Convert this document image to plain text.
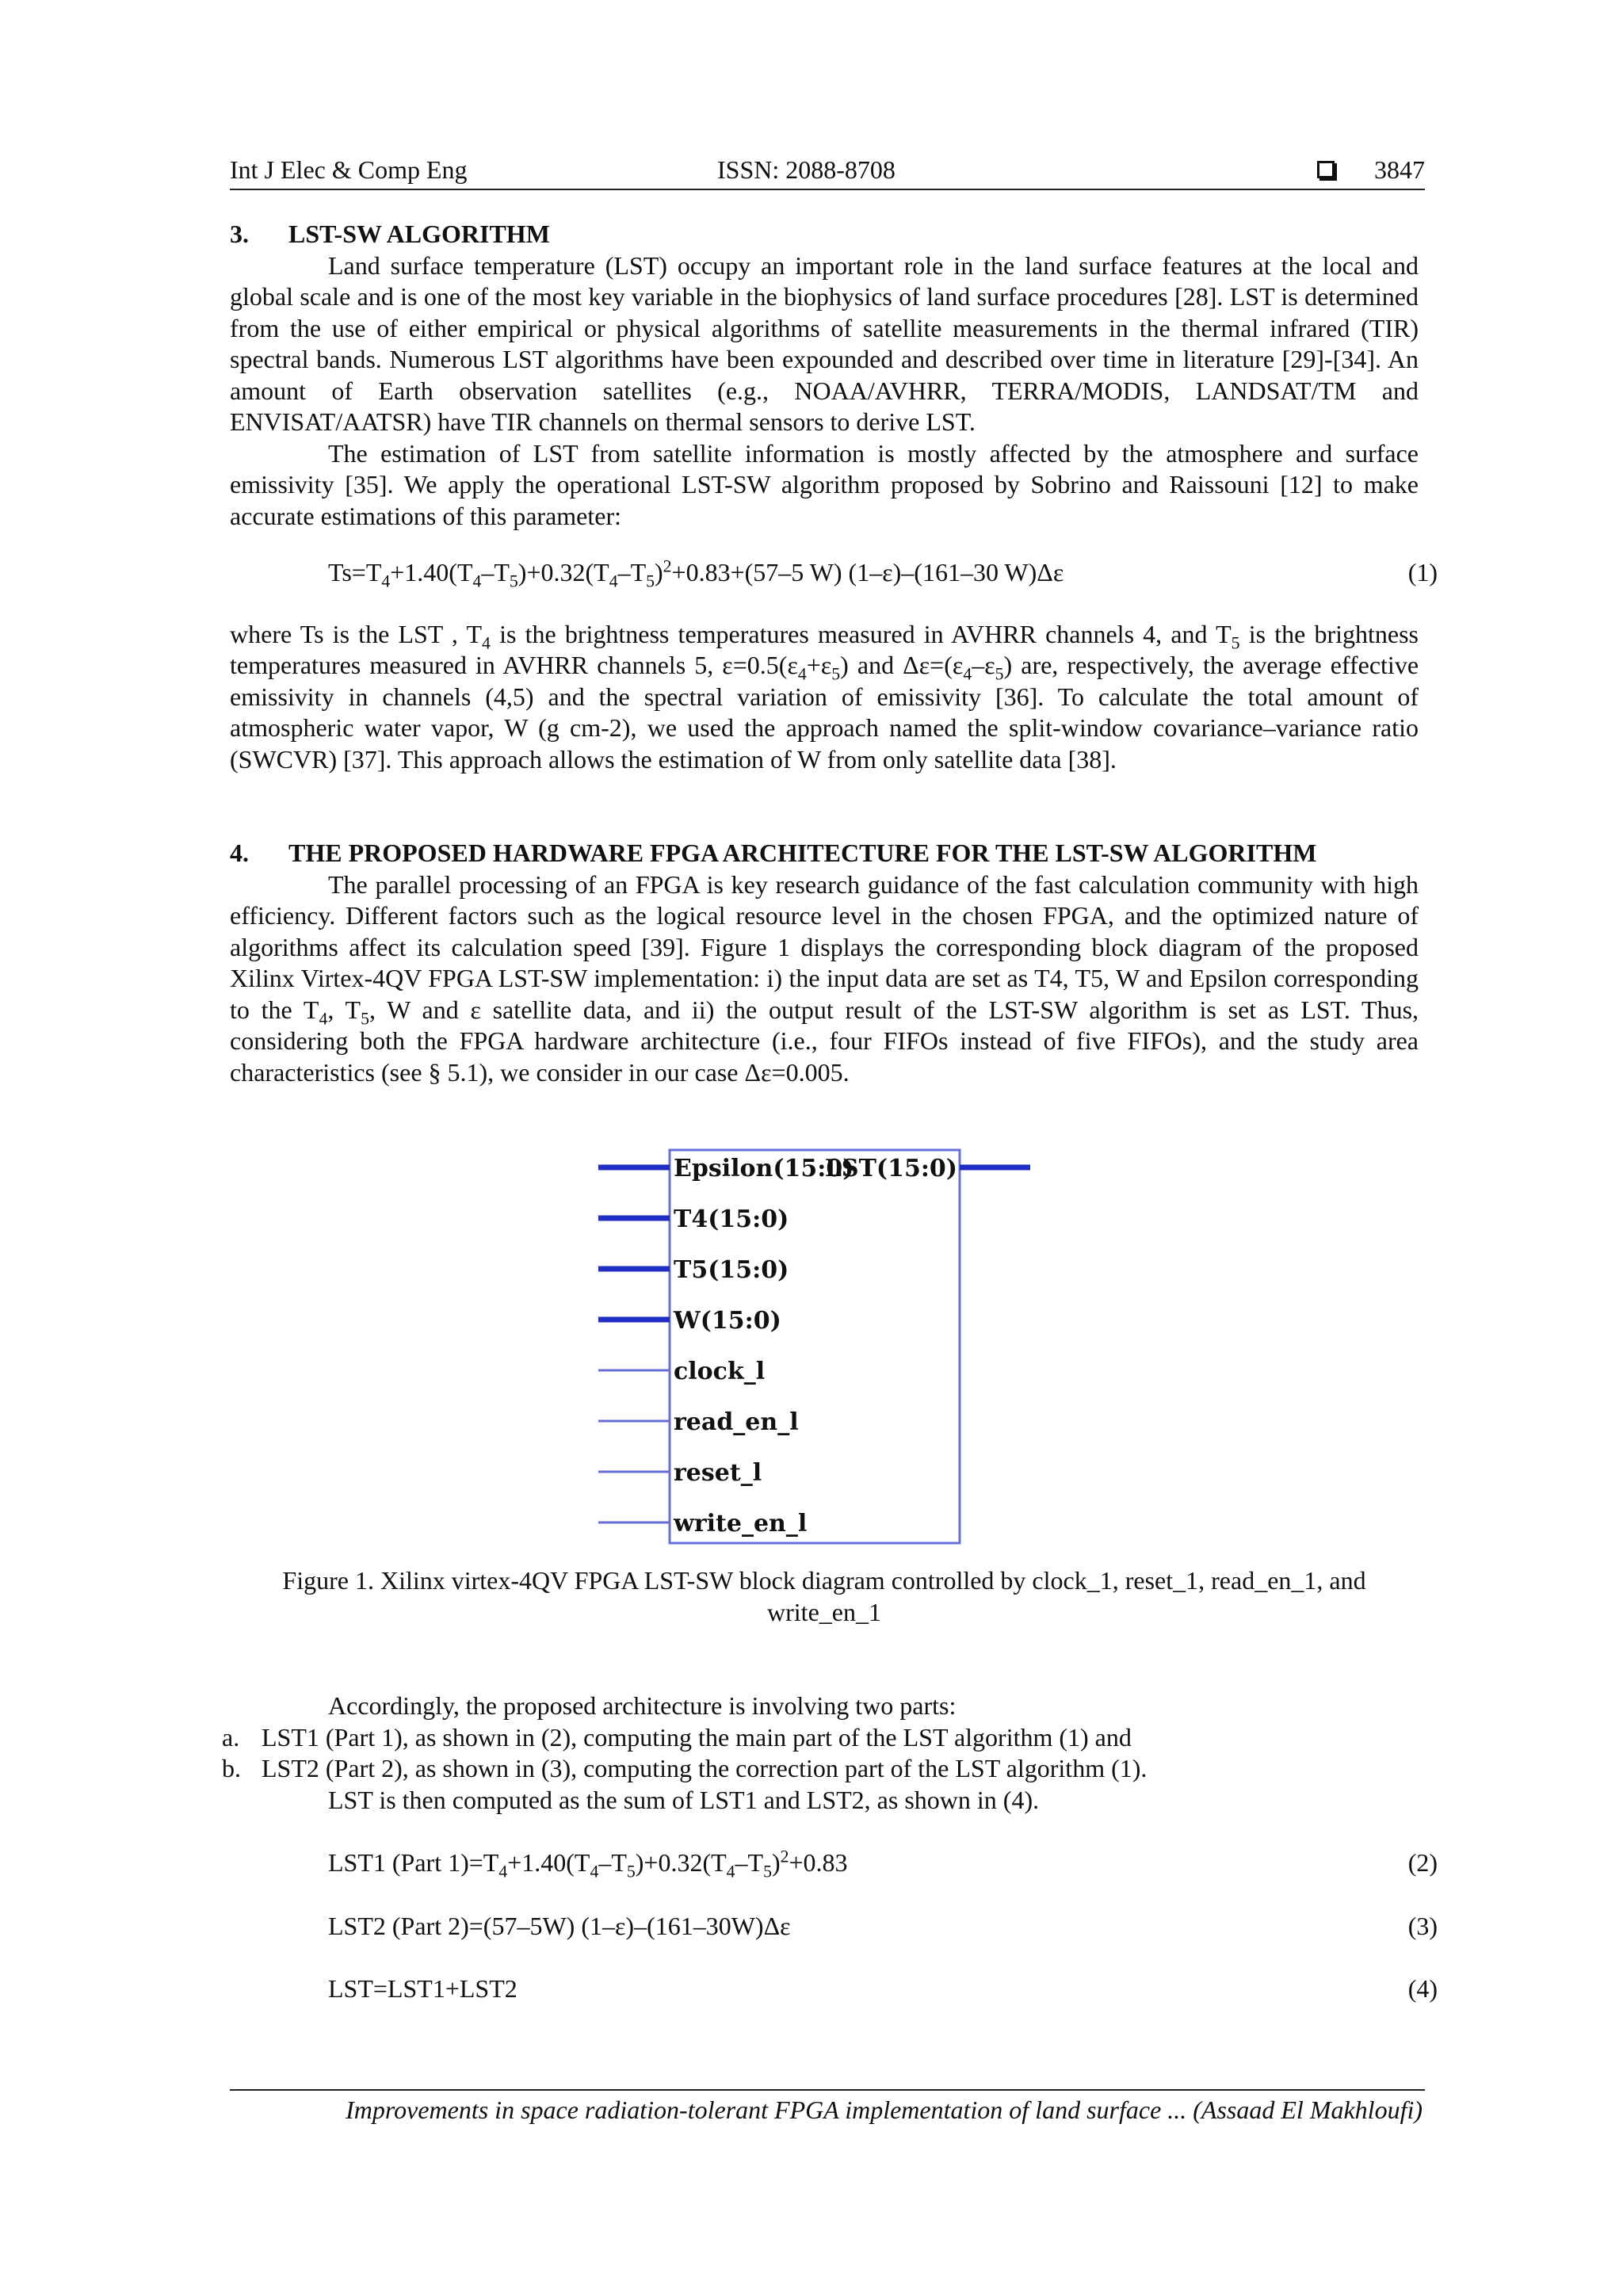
Int J Elec & Comp Eng	ISSN: 2088-8708	3847
3.	LST-SW ALGORITHM

Land surface temperature (LST) occupy an important role in the land surface features at the local and global scale and is one of the most key variable in the biophysics of land surface procedures [28]. LST is determined from the use of either empirical or physical algorithms of satellite measurements in the thermal infrared (TIR) spectral bands. Numerous LST algorithms have been expounded and described over time in literature [29]-[34]. An amount of Earth observation satellites (e.g., NOAA/AVHRR, TERRA/MODIS, LANDSAT/TM and ENVISAT/AATSR) have TIR channels on thermal sensors to derive LST.

The estimation of LST from satellite information is mostly affected by the atmosphere and surface emissivity [35]. We apply the operational LST-SW algorithm proposed by Sobrino and Raissouni [12] to make accurate estimations of this parameter:

$Ts=T_4+1.40(T_4-T_5)+0.32(T_4-T_5)^2+0.83+(57-5$ W) (1–ε)–(161–30 W)Δε	(1)

where Ts is the LST , $T_4$ is the brightness temperatures measured in AVHRR channels 4, and $T_5$ is the brightness temperatures measured in AVHRR channels 5, $\varepsilon=0.5(\varepsilon_4+\varepsilon_5)$ and $\Delta\varepsilon=(\varepsilon_4-\varepsilon_5)$ are, respectively, the average effective emissivity in channels (4,5) and the spectral variation of emissivity [36]. To calculate the total amount of atmospheric water vapor, W (g cm-2), we used the approach named the split-window covariance–variance ratio (SWCVR) [37]. This approach allows the estimation of W from only satellite data [38].

4.	THE PROPOSED HARDWARE FPGA ARCHITECTURE FOR THE LST-SW ALGORITHM

The parallel processing of an FPGA is key research guidance of the fast calculation community with high efficiency. Different factors such as the logical resource level in the chosen FPGA, and the optimized nature of algorithms affect its calculation speed [39]. Figure 1 displays the corresponding block diagram of the proposed Xilinx Virtex-4QV FPGA LST-SW implementation: i) the input data are set as T4, T5, W and Epsilon corresponding to the $T_4$, $T_5$, W and ε satellite data, and ii) the output result of the LST-SW algorithm is set as LST. Thus, considering both the FPGA hardware architecture (i.e., four FIFOs instead of five FIFOs), and the study area characteristics (see § 5.1), we consider in our case Δε=0.005.

Epsilon(15:0)
T4(15:0)
T5(15:0)
W(15:0)
clock_l
read_en_l
reset_l
write_en_l
LST(15:0)

Figure 1. Xilinx virtex-4QV FPGA LST-SW block diagram controlled by clock_1, reset_1, read_en_1, and write_en_1

Accordingly, the proposed architecture is involving two parts:

a. LST1 (Part 1), as shown in (2), computing the main part of the LST algorithm (1) and
b. LST2 (Part 2), as shown in (3), computing the correction part of the LST algorithm (1).

LST is then computed as the sum of LST1 and LST2, as shown in (4).

LST1 (Part $1)=T_4+1.40(T_4-T_5)+0.32(T_4-T_5)^2+0.83$	(2)
LST2 (Part 2)=(57–5W) (1–ε)–(161–30W)Δε	(3)
LST=LST1+LST2	(4)
Improvements in space radiation-tolerant FPGA implementation of land surface ... (Assaad El Makhloufi)
